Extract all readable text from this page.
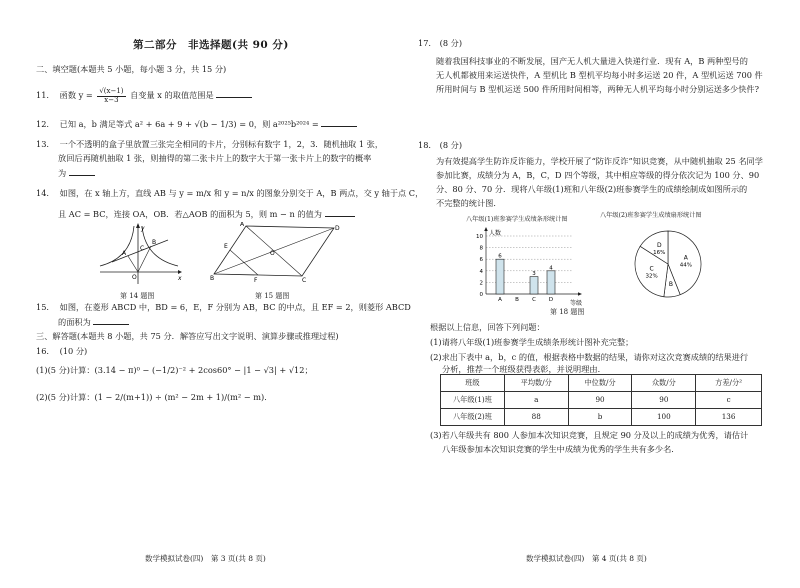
第二部分　非选择题(共 90 分)
二、填空题(本题共 5 小题，每小题 3 分，共 15 分)
11. 函数 $y = \frac{√(x-1)}{x-3}$ 自变量 x 的取值范围是
12. 已知 a，b 满足等式 a² + 6a + 9 + √(b − 1/3) = 0，则 a²⁰²⁵b²⁰²⁴ =
13. 一个不透明的盒子里放置三张完全相同的卡片，分别标有数字 1，2，3．随机抽取 1 张，
放回后再随机抽取 1 张，则抽得的第二张卡片上的数字大于第一张卡片上的数字的概率
为
14. 如图，在 x 轴上方，直线 AB 与 y = m/x 和 y = n/x 的图象分别交于 A，B 两点，交 y 轴于点 C，
且 AC = BC，连接 OA，OB．若△AOB 的面积为 5，则 m − n 的值为
A
B
C
O	x
y
第 14 题图
B
A
D
C
E
F
O
第 15 题图
15. 如图，在菱形 ABCD 中，BD = 6，E，F 分别为 AB，BC 的中点，且 EF = 2，则菱形 ABCD
的面积为
三、解答题(本题共 8 小题，共 75 分．解答应写出文字说明、演算步骤或推理过程)
16. (10 分)
(1)(5 分)计算：(3.14 − π)⁰ − (−1/2)⁻² + 2cos60° − |1 − √3| + √12；
(2)(5 分)计算：(1 − 2/(m+1)) ÷ (m² − 2m + 1)/(m² − m)．
数学模拟试卷(四)　第 3 页(共 8 页)
17. (8 分)
随着我国科技事业的不断发展，国产无人机大量进入快递行业．现有 A，B 两种型号的
无人机都被用来运送快件，A 型机比 B 型机平均每小时多运送 20 件，A 型机运送 700 件
所用时间与 B 型机运送 500 件所用时间相等，两种无人机平均每小时分别运送多少快件?
18. (8 分)
为有效提高学生防诈反诈能力，学校开展了“防诈反诈”知识竞赛，从中随机抽取 25 名同学
参加比赛，成绩分为 A，B，C，D 四个等级，其中相应等级的得分依次记为 100 分、90
分、80 分、70 分．现将八年级(1)班和八年级(2)班参赛学生的成绩绘制成如图所示的
不完整的统计图．
八年级(1)班参赛学生成绩条形统计图
0
2
4
6
8
10 人数
等级
6
A B
3
C
4
D
八年级(2)班参赛学生成绩扇形统计图
A
44%
B
C
32%
D
16%
第 18 题图
根据以上信息，回答下列问题：
(1)请将八年级(1)班参赛学生成绩条形统计图补充完整；
(2)求出下表中 a，b，c 的值，根据表格中数据的结果，请你对这次竞赛成绩的结果进行
分析，推荐一个班级获得表彰，并说明理由．
班级	平均数/分	中位数/分	众数/分	方差/分²
八年级(1)班	a	90	90	c
八年级(2)班	88	b	100	136
(3)若八年级共有 800 人参加本次知识竞赛，且规定 90 分及以上的成绩为优秀，请估计
八年级参加本次知识竞赛的学生中成绩为优秀的学生共有多少名．
数学模拟试卷(四)　第 4 页(共 8 页)
